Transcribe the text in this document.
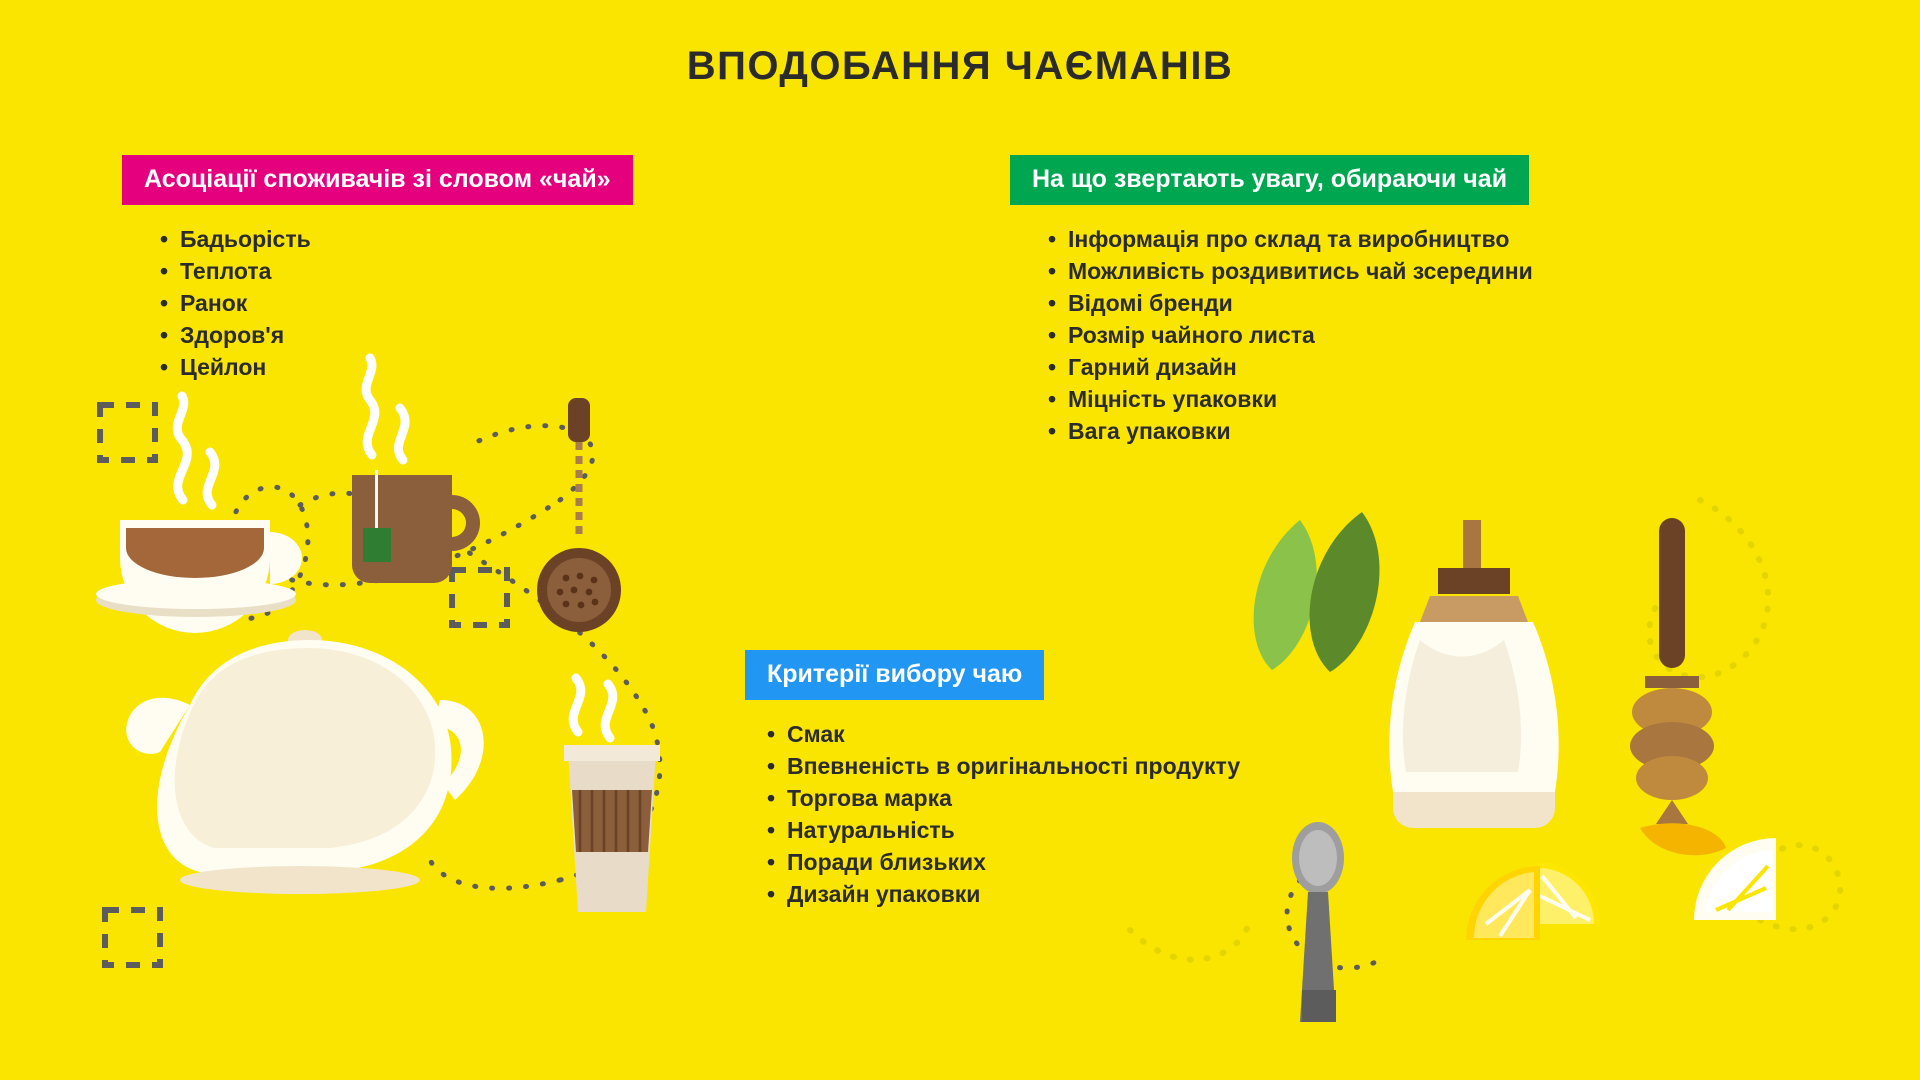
ВПОДОБАННЯ ЧАЄМАНІВ
Асоціації споживачів зі словом «чай»
• Бадьорість
• Теплота
• Ранок
• Здоров'я
• Цейлон
На що звертають увагу, обираючи чай
• Інформація про склад та виробництво
• Можливість роздивитись чай зсередини
• Відомі бренди
• Розмір чайного листа
• Гарний дизайн
• Міцність упаковки
• Вага упаковки
Критерії вибору чаю
• Смак
• Впевненість в оригінальності продукту
• Торгова марка
• Натуральність
• Поради близьких
• Дизайн упаковки
